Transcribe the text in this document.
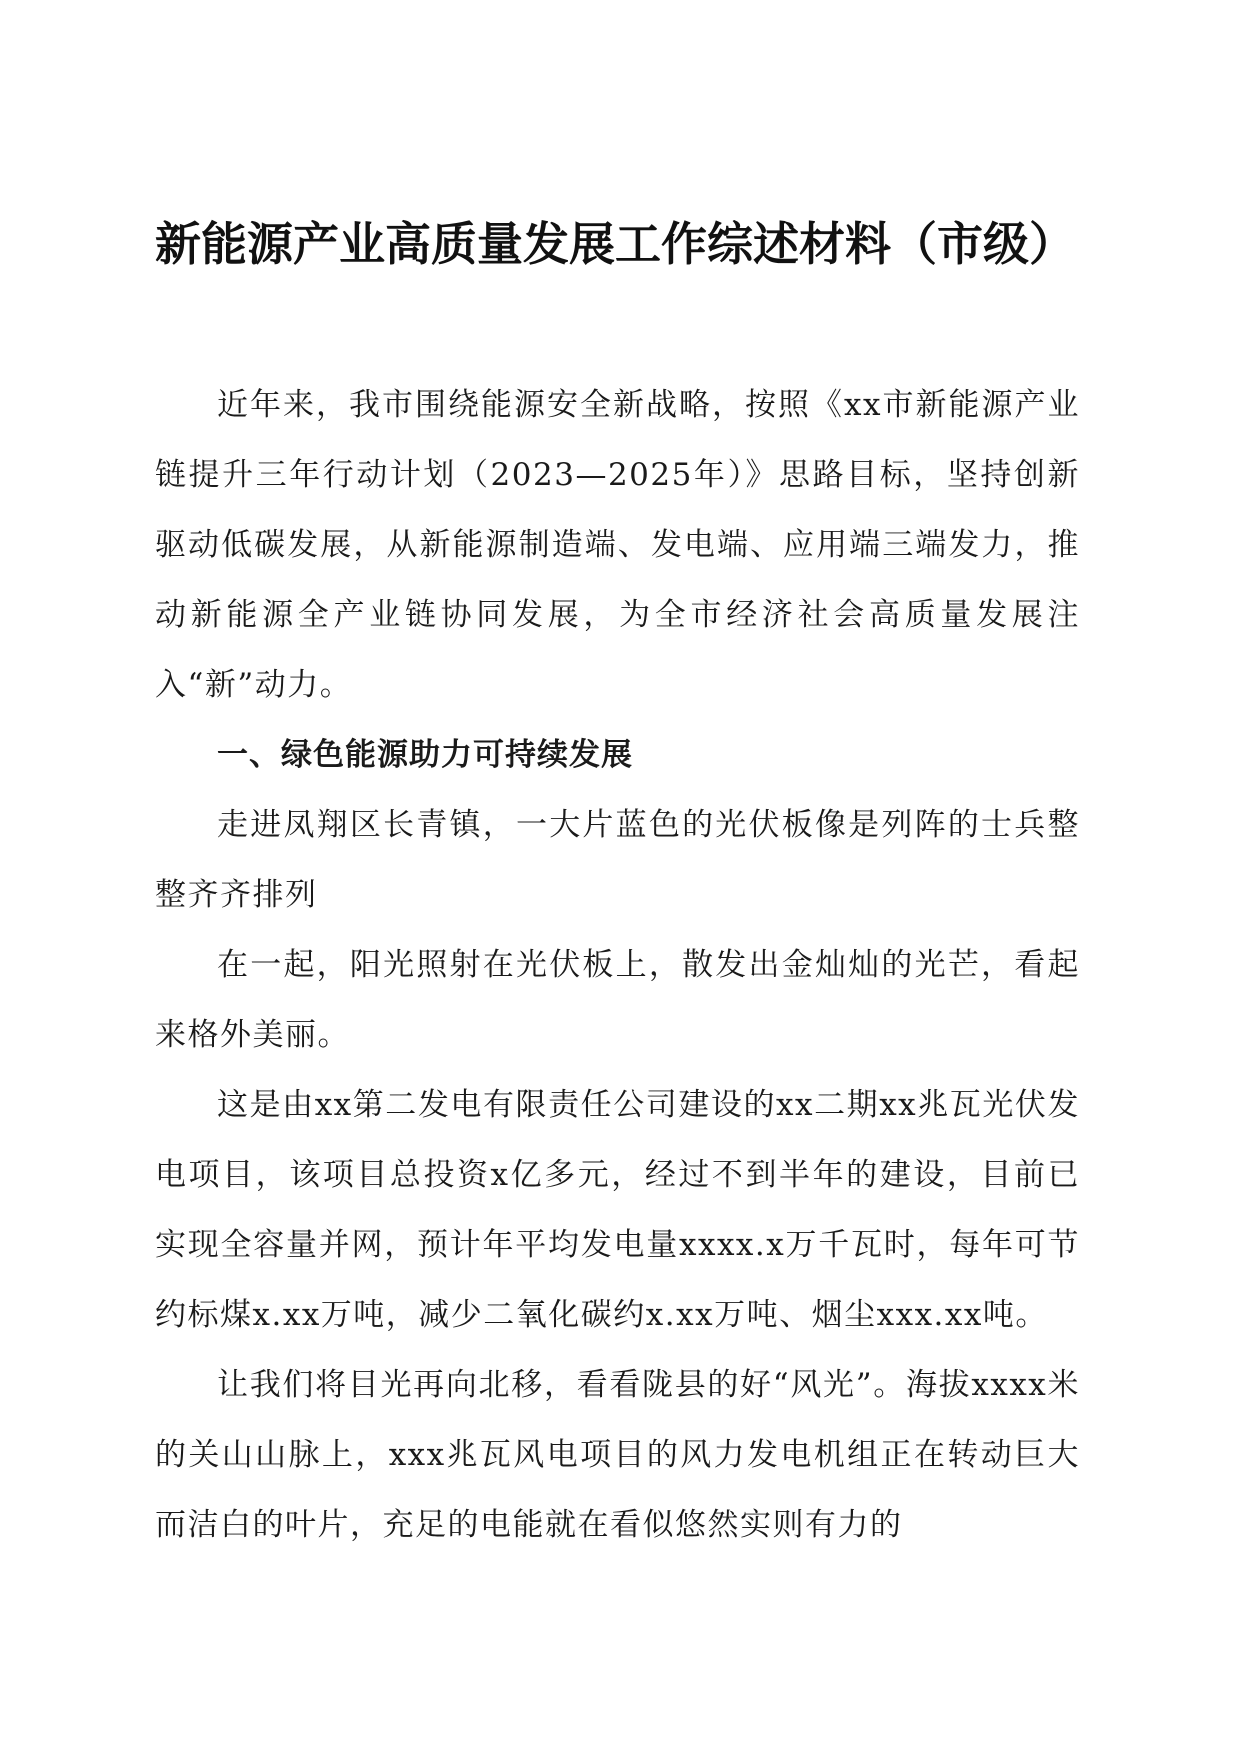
新能源产业高质量发展工作综述材料（市级）

近年来，我市围绕能源安全新战略，按照《xx市新能源产业链提升三年行动计划（2023—2025年）》思路目标，坚持创新驱动低碳发展，从新能源制造端、发电端、应用端三端发力，推动新能源全产业链协同发展，为全市经济社会高质量发展注入“新”动力。

一、绿色能源助力可持续发展

走进凤翔区长青镇，一大片蓝色的光伏板像是列阵的士兵整整齐齐排列

在一起，阳光照射在光伏板上，散发出金灿灿的光芒，看起来格外美丽。

这是由xx第二发电有限责任公司建设的xx二期xx兆瓦光伏发电项目，该项目总投资x亿多元，经过不到半年的建设，目前已实现全容量并网，预计年平均发电量xxxx.x万千瓦时，每年可节约标煤x.xx万吨，减少二氧化碳约x.xx万吨、烟尘xxx.xx吨。

让我们将目光再向北移，看看陇县的好“风光”。海拔xxxx米的关山山脉上，xxx兆瓦风电项目的风力发电机组正在转动巨大而洁白的叶片，充足的电能就在看似悠然实则有力的
